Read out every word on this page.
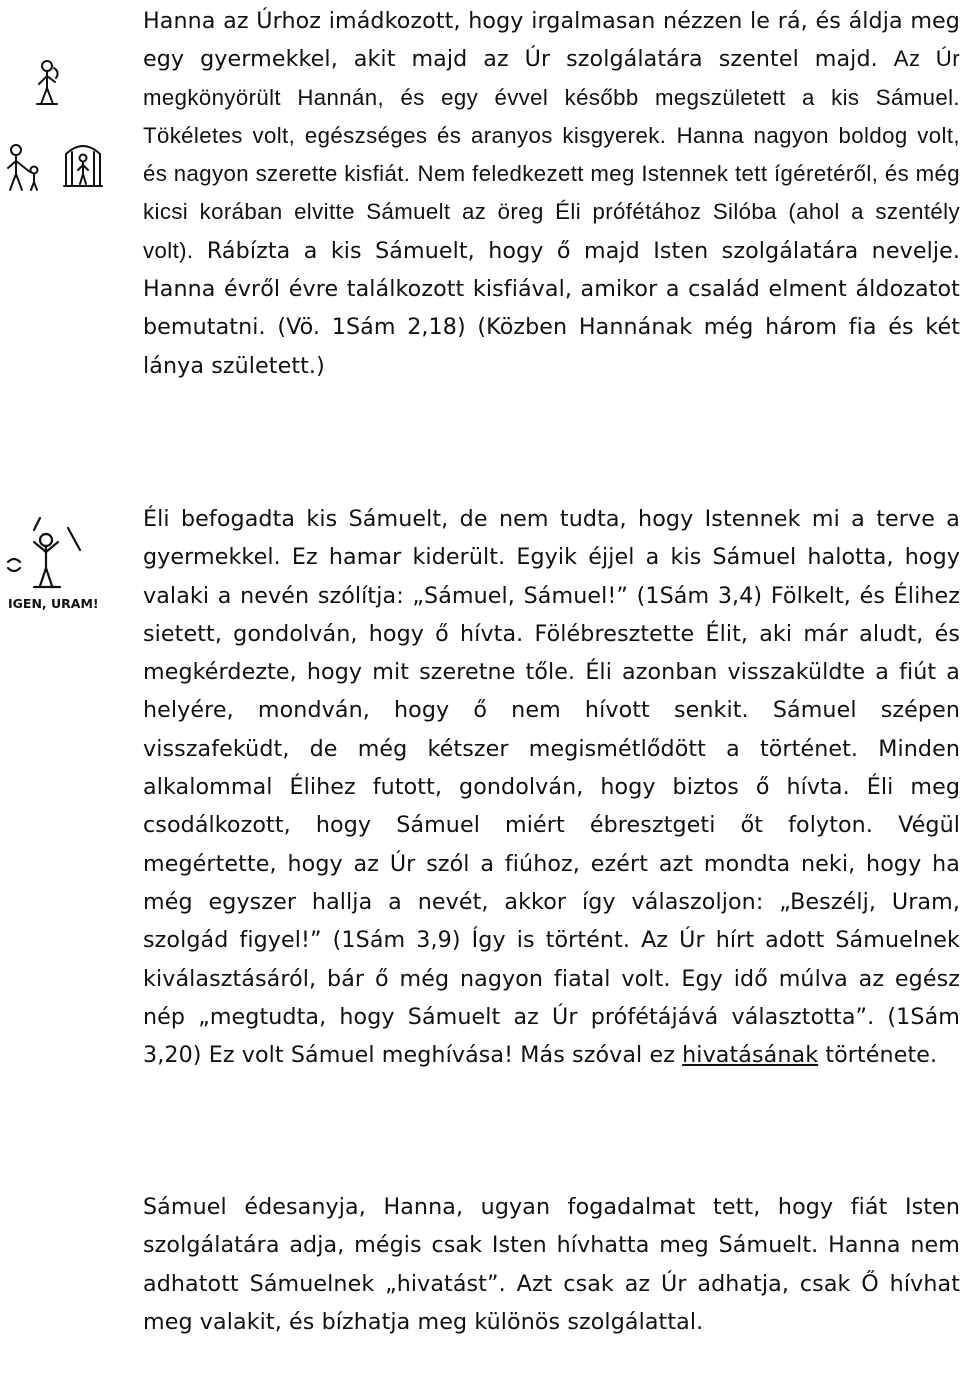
IGEN, URAM!

Hanna az Úrhoz imádkozott, hogy irgalmasan nézzen le rá, és áldja meg egy gyermekkel, akit majd az Úr szolgálatára szentel majd. Az Úr megkönyörült Hannán, és egy évvel később megszületett a kis Sámuel. Tökéletes volt, egészséges és aranyos kisgyerek. Hanna nagyon boldog volt, és nagyon szerette kisfiát. Nem feledkezett meg Istennek tett ígéretéről, és még kicsi korában elvitte Sámuelt az öreg Éli prófétához Silóba (ahol a szentély volt). Rábízta a kis Sámuelt, hogy ő majd Isten szolgálatára nevelje. Hanna évről évre találkozott kisfiával, amikor a család elment áldozatot bemutatni. (Vö. 1Sám 2,18) (Közben Hannának még három fia és két lánya született.)

Éli befogadta kis Sámuelt, de nem tudta, hogy Istennek mi a terve a gyermekkel. Ez hamar kiderült. Egyik éjjel a kis Sámuel halotta, hogy valaki a nevén szólítja: „Sámuel, Sámuel!” (1Sám 3,4) Fölkelt, és Élihez sietett, gondolván, hogy ő hívta. Fölébresztette Élit, aki már aludt, és megkérdezte, hogy mit szeretne tőle. Éli azonban visszaküldte a fiút a helyére, mondván, hogy ő nem hívott senkit. Sámuel szépen visszafeküdt, de még kétszer megismétlődött a történet. Minden alkalommal Élihez futott, gondolván, hogy biztos ő hívta. Éli meg csodálkozott, hogy Sámuel miért ébresztgeti őt folyton. Végül megértette, hogy az Úr szól a fiúhoz, ezért azt mondta neki, hogy ha még egyszer hallja a nevét, akkor így válaszoljon: „Beszélj, Uram, szolgád figyel!” (1Sám 3,9) Így is történt. Az Úr hírt adott Sámuelnek kiválasztásáról, bár ő még nagyon fiatal volt. Egy idő múlva az egész nép „megtudta, hogy Sámuelt az Úr prófétájává választotta”. (1Sám 3,20) Ez volt Sámuel meghívása! Más szóval ez hivatásának története.

Sámuel édesanyja, Hanna, ugyan fogadalmat tett, hogy fiát Isten szolgálatára adja, mégis csak Isten hívhatta meg Sámuelt. Hanna nem adhatott Sámuelnek „hivatást”. Azt csak az Úr adhatja, csak Ő hívhat meg valakit, és bízhatja meg különös szolgálattal.
